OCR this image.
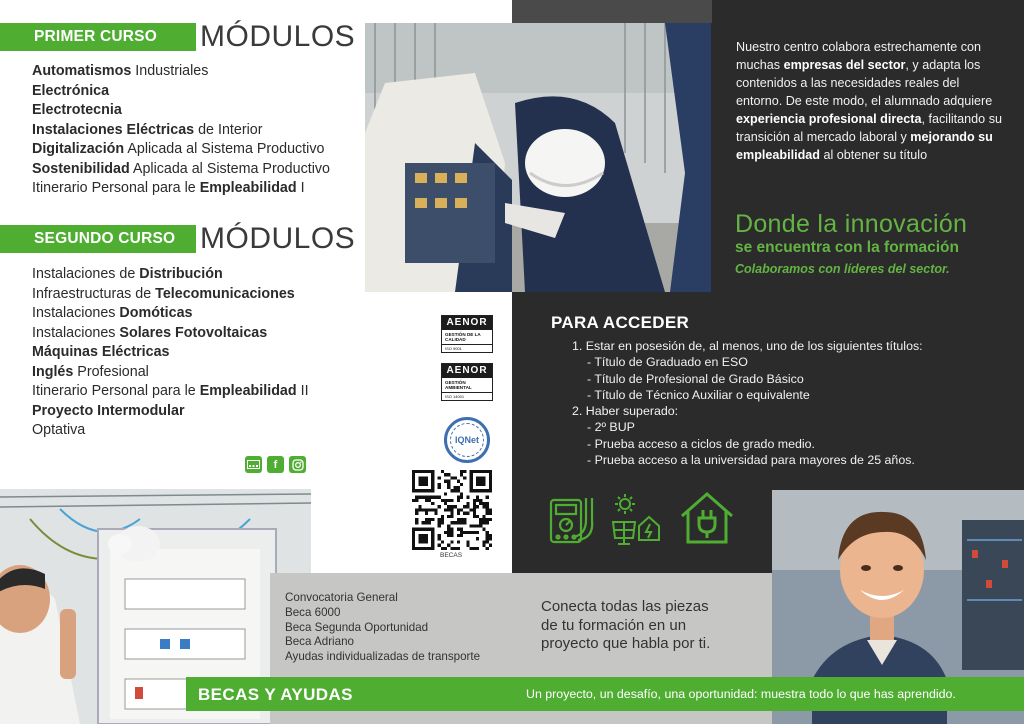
PRIMER CURSO MÓDULOS
Automatismos Industriales
Electrónica
Electrotecnia
Instalaciones Eléctricas de Interior
Digitalización Aplicada al Sistema Productivo
Sostenibilidad Aplicada al Sistema Productivo
Itinerario Personal para le Empleabilidad I
SEGUNDO CURSO MÓDULOS
Instalaciones de Distribución
Infraestructuras de Telecomunicaciones
Instalaciones Domóticas
Instalaciones Solares Fotovoltaicas
Máquinas Eléctricas
Inglés Profesional
Itinerario Personal para le Empleabilidad II
Proyecto Intermodular
Optativa
f
AENOR
GESTIÓN DE LA CALIDAD
ISO 9001
AENOR
GESTIÓN AMBIENTAL
ISO 14001
IQNet
BECAS
Nuestro centro colabora estrechamente con muchas empresas del sector, y adapta los contenidos a las necesidades reales del entorno. De este modo, el alumnado adquiere experiencia profesional directa, facilitando su transición al mercado laboral y mejorando su empleabilidad al obtener su título
Donde la innovación
se encuentra con la formación
Colaboramos con líderes del sector.
PARA ACCEDER
1. Estar en posesión de, al menos, uno de los siguientes títulos:
- Título de Graduado en ESO
- Título de Profesional de Grado Básico
- Título de Técnico Auxiliar o equivalente
2. Haber superado:
- 2º BUP
- Prueba acceso a ciclos de grado medio.
- Prueba acceso a la universidad para mayores de 25 años.
Convocatoria General
Beca 6000
Beca Segunda Oportunidad
Beca Adriano
Ayudas individualizadas de transporte
Conecta todas las piezas
de tu formación en un
proyecto que habla por ti.
BECAS Y AYUDAS	Un proyecto, un desafío, una oportunidad: muestra todo lo que has aprendido.
